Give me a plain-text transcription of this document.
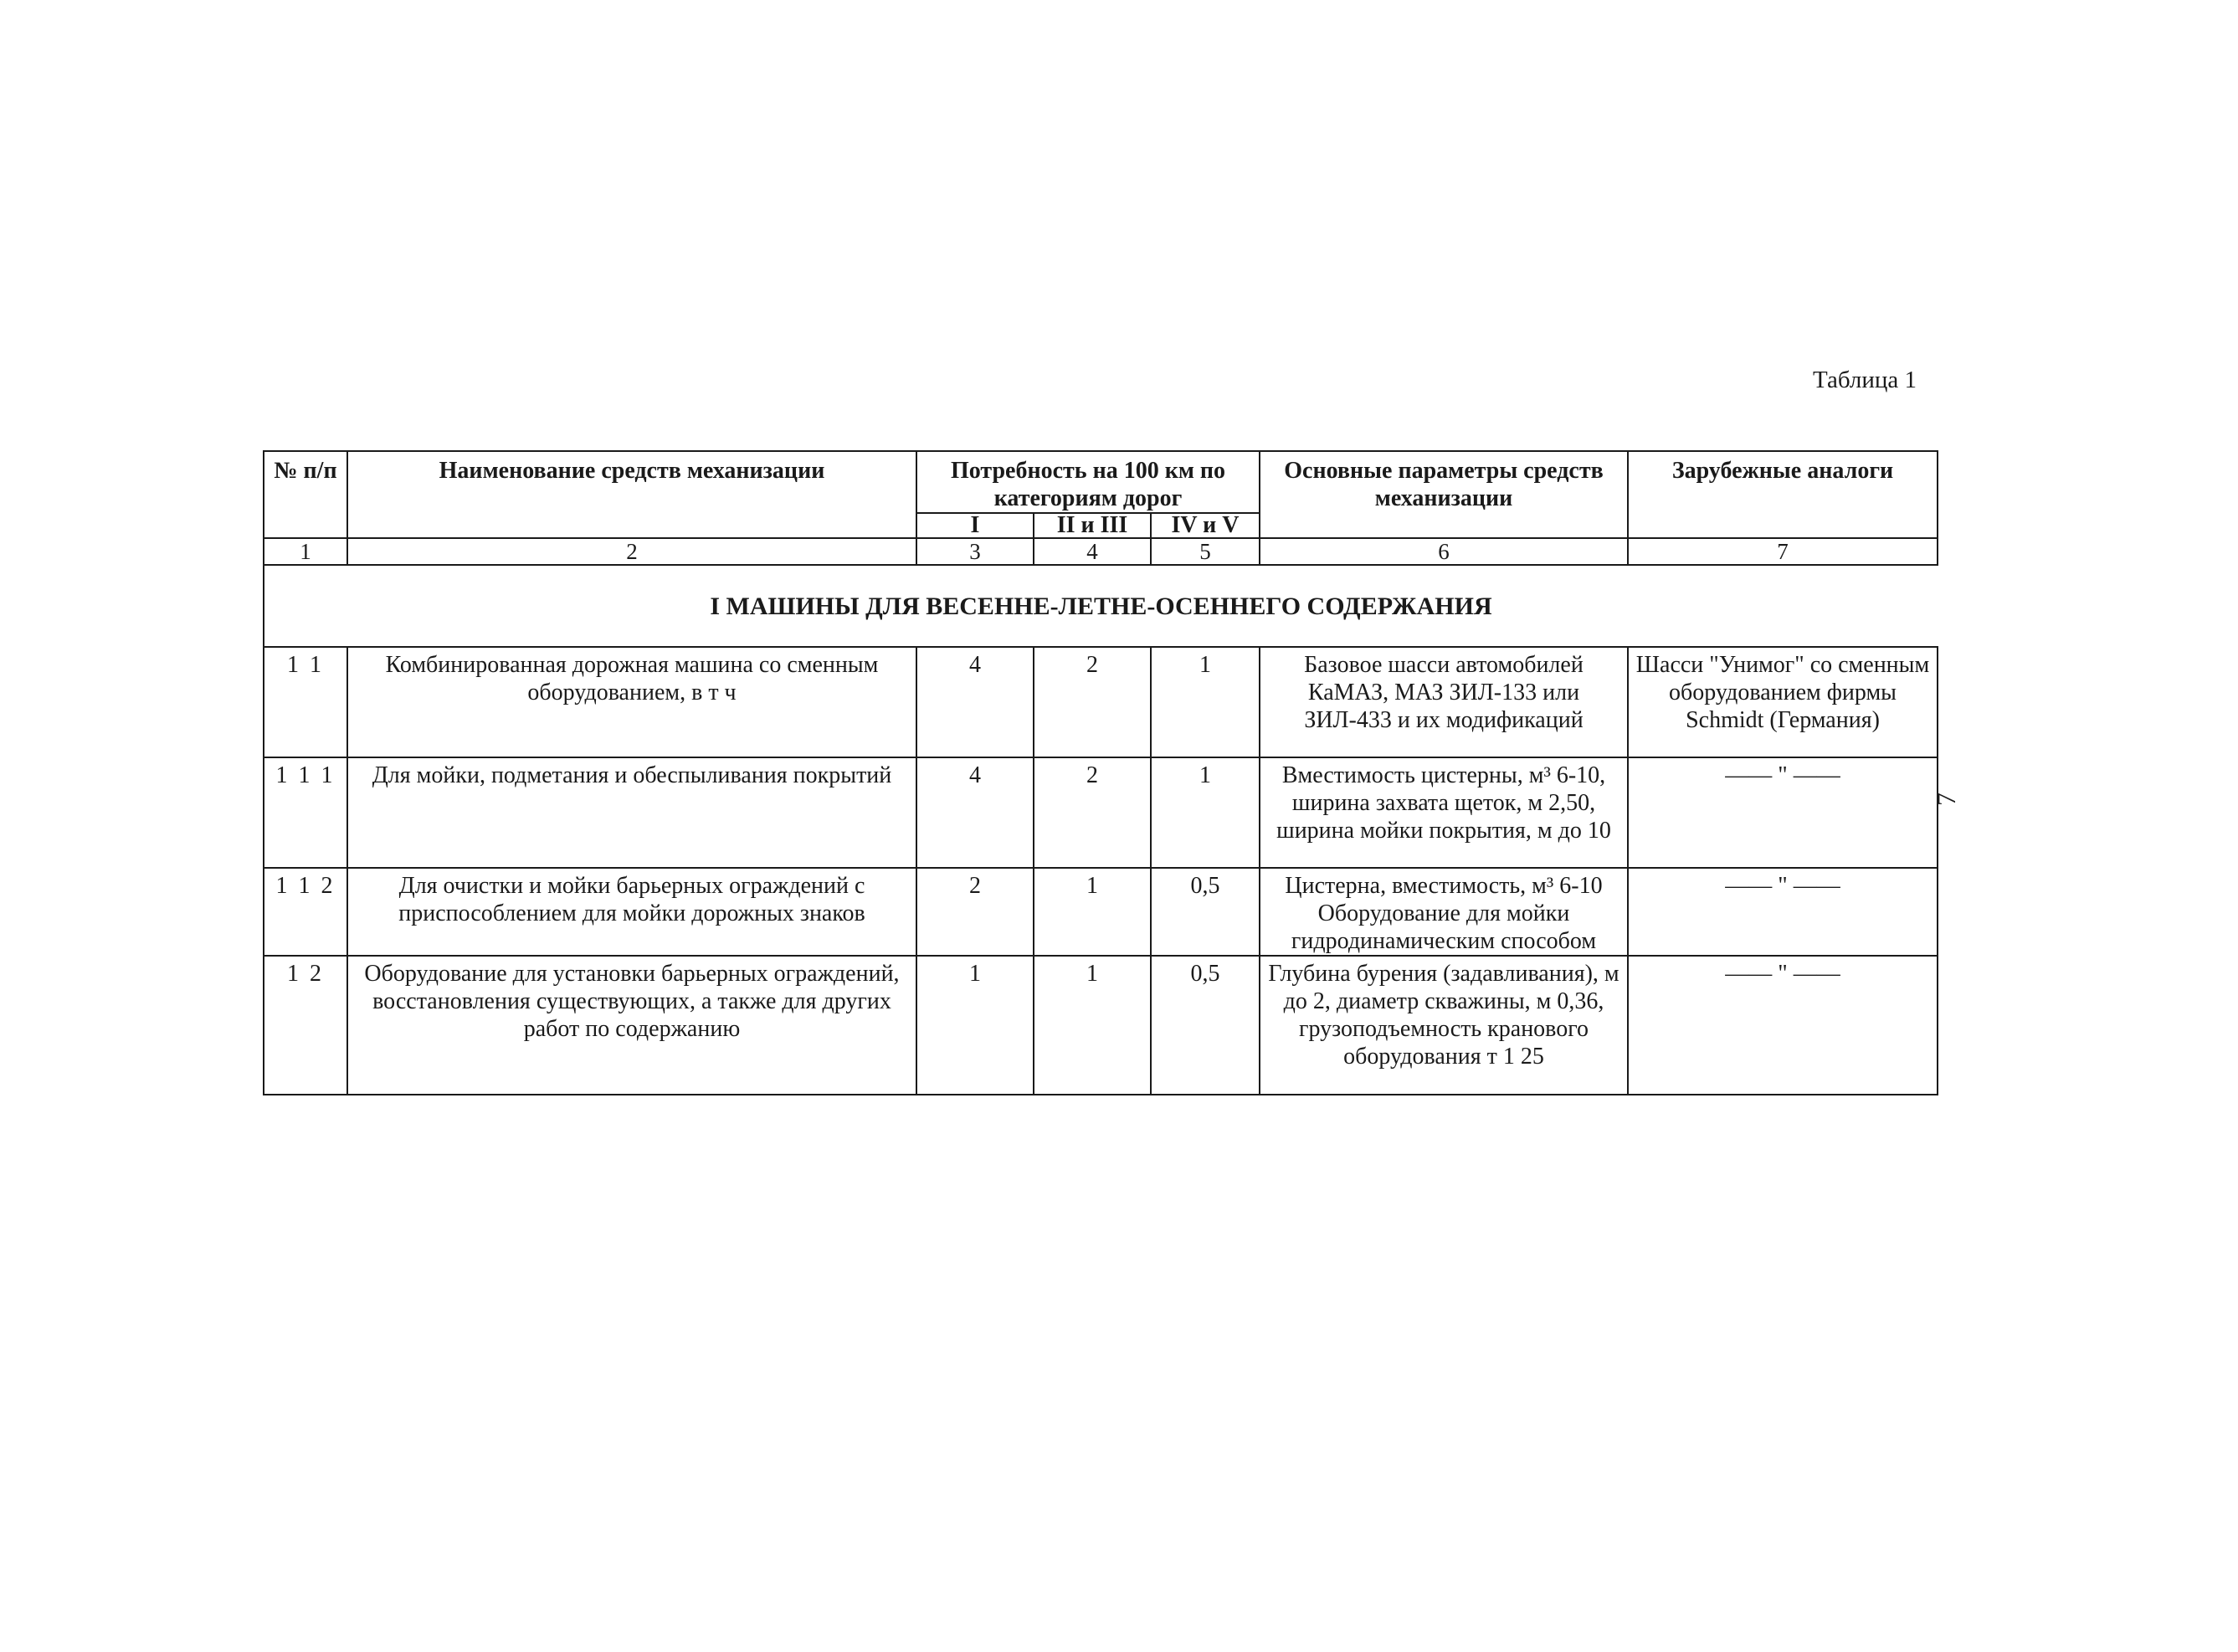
Таблица 1
7
№ п/п	Наименование средств механизации	Потребность на 100 км по категориям дорог			Основные параметры средств механизации	Зарубежные аналоги
		I	II и III	IV и V		
1	2	3	4	5	6	7
I МАШИНЫ ДЛЯ ВЕСЕННЕ-ЛЕТНЕ-ОСЕННЕГО СОДЕРЖАНИЯ						
1 1	Комбинированная дорожная машина со сменным оборудованием, в т ч	4	2	1	Базовое шасси автомобилей КаМАЗ, МАЗ ЗИЛ-133 или ЗИЛ-433 и их модификаций	Шасси "Унимог" со сменным оборудованием фирмы Schmidt (Германия)
1 1 1	Для мойки, подметания и обеспыливания покрытий	4	2	1	Вместимость цистерны, м³ 6-10, ширина захвата щеток, м 2,50, ширина мойки покрытия, м до 10	—— " ——
1 1 2	Для очистки и мойки барьерных ограждений с приспособлением для мойки дорожных знаков	2	1	0,5	Цистерна, вместимость, м³ 6-10 Оборудование для мойки гидродинамическим способом	—— " ——
1 2	Оборудование для установки барьерных ограждений, восстановления существующих, а также для других работ по содержанию	1	1	0,5	Глубина бурения (задавливания), м до 2, диаметр скважины, м 0,36, грузоподъемность кранового оборудования т 1 25	—— " ——
